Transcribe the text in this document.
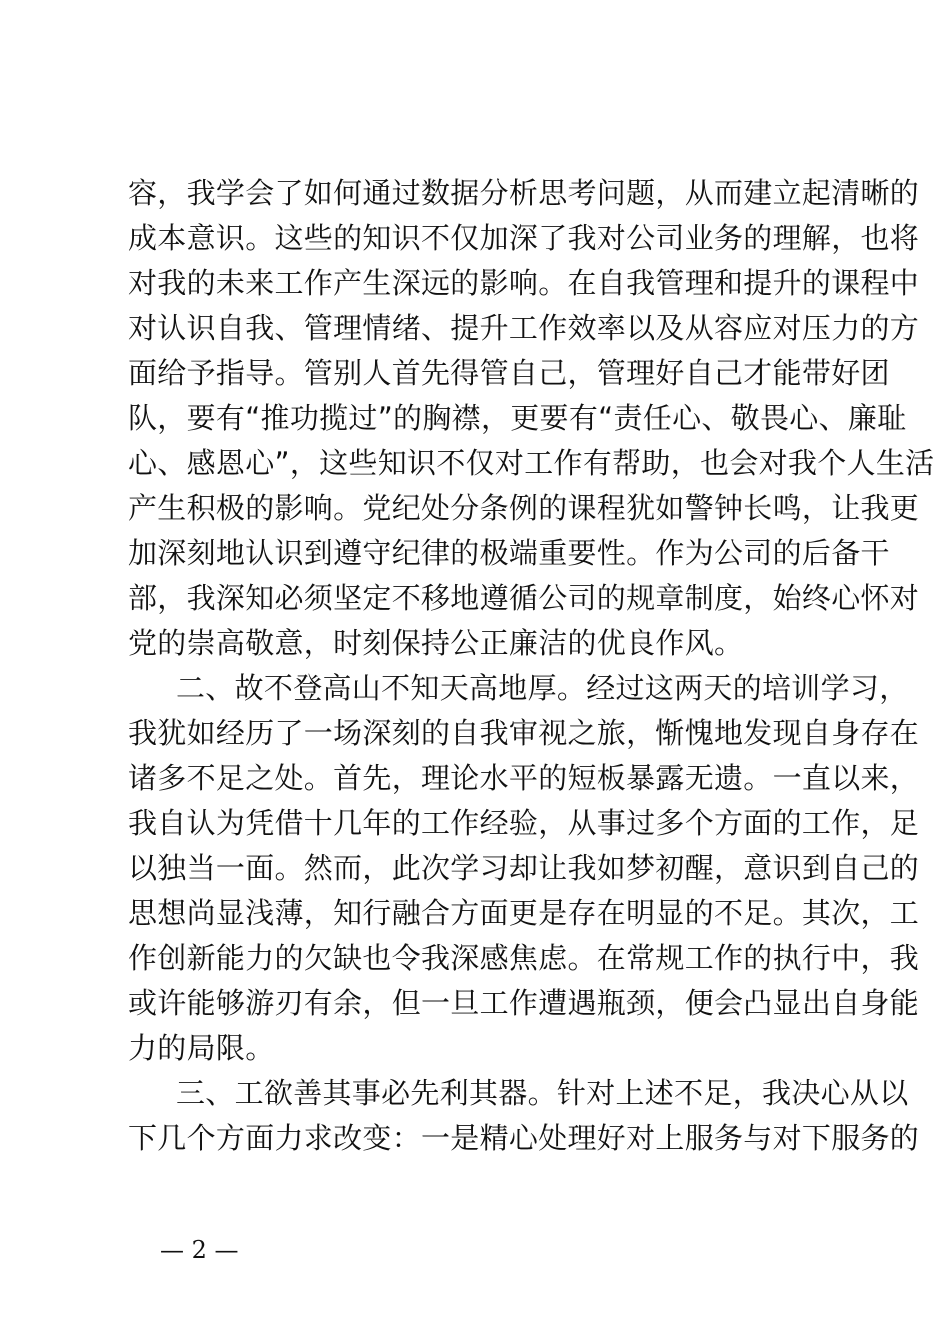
容，我学会了如何通过数据分析思考问题，从而建立起清晰的
成本意识。这些的知识不仅加深了我对公司业务的理解，也将
对我的未来工作产生深远的影响。在自我管理和提升的课程中
对认识自我、管理情绪、提升工作效率以及从容应对压力的方
面给予指导。管别人首先得管自己，管理好自己才能带好团
队，要有“推功揽过”的胸襟，更要有“责任心、敬畏心、廉耻
心、感恩心”，这些知识不仅对工作有帮助，也会对我个人生活
产生积极的影响。党纪处分条例的课程犹如警钟长鸣，让我更
加深刻地认识到遵守纪律的极端重要性。作为公司的后备干
部，我深知必须坚定不移地遵循公司的规章制度，始终心怀对
党的崇高敬意，时刻保持公正廉洁的优良作风。
二、故不登高山不知天高地厚。经过这两天的培训学习，
我犹如经历了一场深刻的自我审视之旅，惭愧地发现自身存在
诸多不足之处。首先，理论水平的短板暴露无遗。一直以来，
我自认为凭借十几年的工作经验，从事过多个方面的工作，足
以独当一面。然而，此次学习却让我如梦初醒，意识到自己的
思想尚显浅薄，知行融合方面更是存在明显的不足。其次，工
作创新能力的欠缺也令我深感焦虑。在常规工作的执行中，我
或许能够游刃有余，但一旦工作遭遇瓶颈，便会凸显出自身能
力的局限。
三、工欲善其事必先利其器。针对上述不足，我决心从以
下几个方面力求改变：一是精心处理好对上服务与对下服务的
— 2 —
